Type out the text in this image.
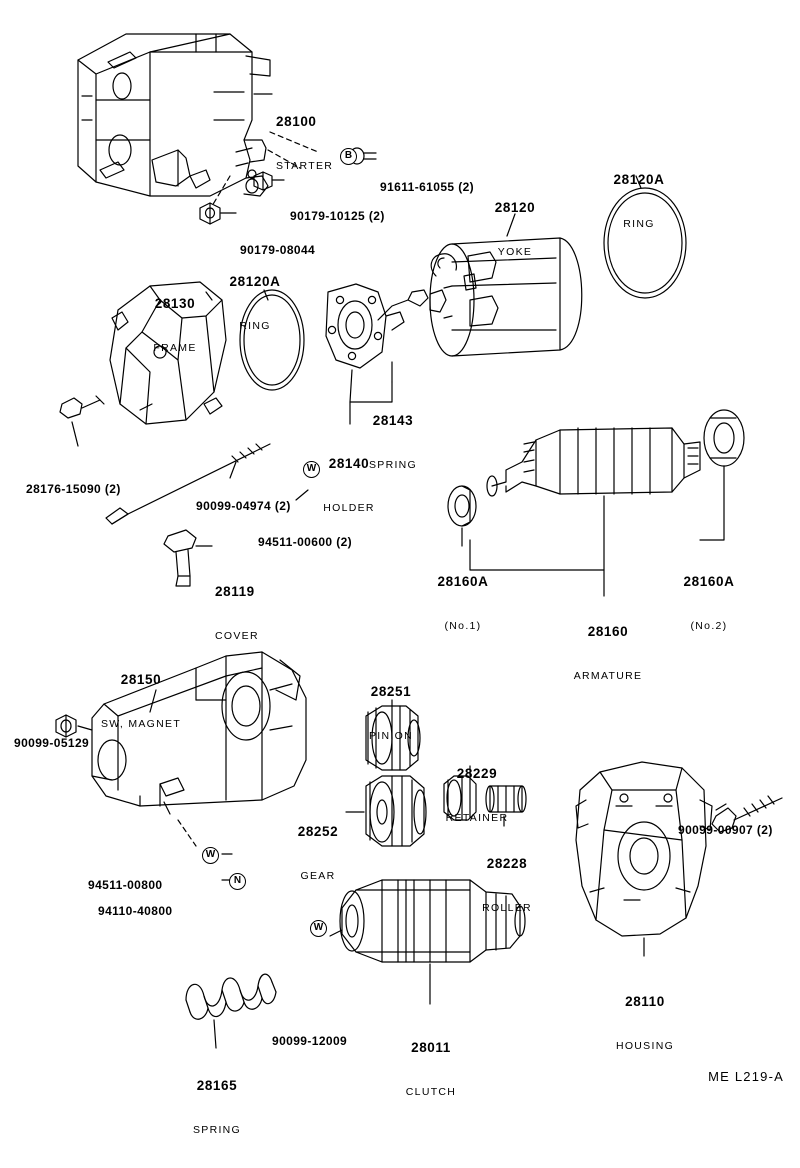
28100

STARTER

B

91611-61055 (2)

90179-10125 (2)

90179-08044

28120

YOKE

28120A

RING

28130

FRAME

28120A

RING

28143

SPRING

28140

HOLDER

28176-15090 (2)

90099-04974 (2)

W

94511-00600 (2)

28119

COVER

28160A

(No.1)

28160A

(No.2)

28160

ARMATURE

28150

SW, MAGNET

90099-05129

28251

PINION

28229

RETAINER

28252

GEAR

28228

ROLLER

94511-00800

W

94110-40800

N

90099-00907 (2)

28110

HOUSING

28011

CLUTCH

W

90099-12009

28165

SPRING

ME L219-A
